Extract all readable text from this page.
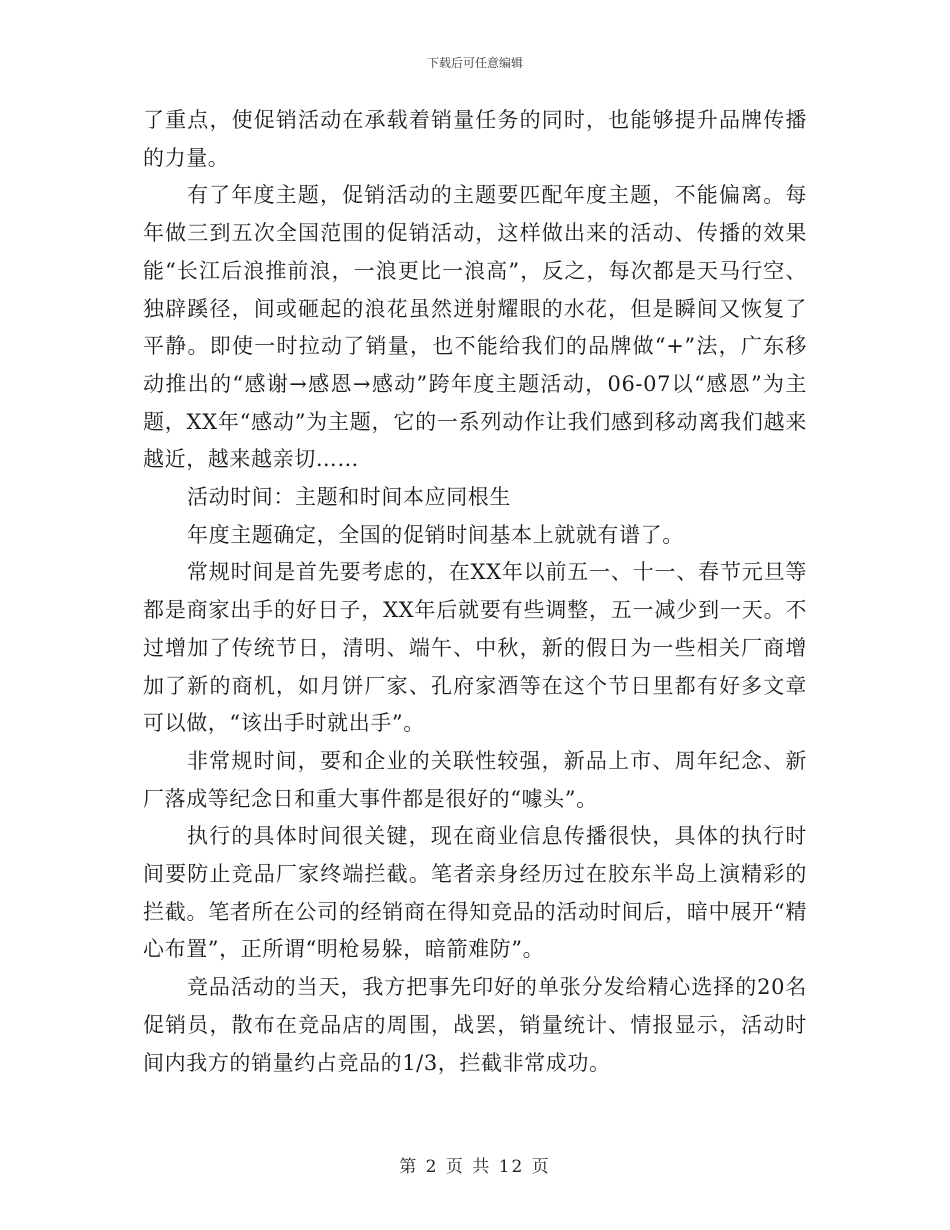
下载后可任意编辑

了重点，使促销活动在承载着销量任务的同时，也能够提升品牌传播的力量。

有了年度主题，促销活动的主题要匹配年度主题，不能偏离。每年做三到五次全国范围的促销活动，这样做出来的活动、传播的效果能“长江后浪推前浪，一浪更比一浪高”，反之，每次都是天马行空、独辟蹊径，间或砸起的浪花虽然迸射耀眼的水花，但是瞬间又恢复了平静。即使一时拉动了销量，也不能给我们的品牌做“+”法，广东移动推出的“感谢→感恩→感动”跨年度主题活动，06-07以“感恩”为主题，XX年“感动”为主题，它的一系列动作让我们感到移动离我们越来越近，越来越亲切……

活动时间：主题和时间本应同根生

年度主题确定，全国的促销时间基本上就就有谱了。

常规时间是首先要考虑的，在XX年以前五一、十一、春节元旦等都是商家出手的好日子，XX年后就要有些调整，五一减少到一天。不过增加了传统节日，清明、端午、中秋，新的假日为一些相关厂商增加了新的商机，如月饼厂家、孔府家酒等在这个节日里都有好多文章可以做，“该出手时就出手”。

非常规时间，要和企业的关联性较强，新品上市、周年纪念、新厂落成等纪念日和重大事件都是很好的“噱头”。

执行的具体时间很关键，现在商业信息传播很快，具体的执行时间要防止竞品厂家终端拦截。笔者亲身经历过在胶东半岛上演精彩的拦截。笔者所在公司的经销商在得知竞品的活动时间后，暗中展开“精心布置”，正所谓“明枪易躲，暗箭难防”。

竞品活动的当天，我方把事先印好的单张分发给精心选择的20名促销员，散布在竞品店的周围，战罢，销量统计、情报显示，活动时间内我方的销量约占竞品的1/3，拦截非常成功。

第 2 页 共 12 页
